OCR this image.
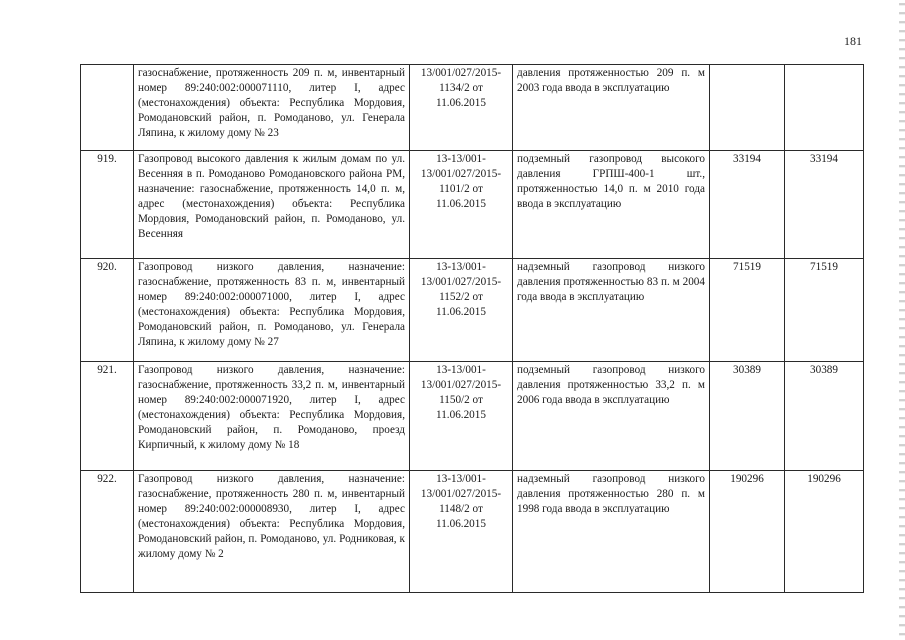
181
	газоснабжение, протяженность 209 п. м, инвентарный номер 89:240:002:000071110, литер I, адрес (местонахождения) объекта: Республика Мордовия, Ромодановский район, п. Ромоданово, ул. Генерала Ляпина, к жилому дому № 23	13/001/027/2015-1134/2 от 11.06.2015	давления протяженностью 209 п. м 2003 года ввода в эксплуатацию		
919.	Газопровод высокого давления к жилым домам по ул. Весенняя в п. Ромоданово Ромодановского района РМ, назначение: газоснабжение, протяженность 14,0 п. м, адрес (местонахождения) объекта: Республика Мордовия, Ромодановский район, п. Ромоданово, ул. Весенняя	13-13/001-13/001/027/2015-1101/2 от 11.06.2015	подземный газопровод высокого давления ГРПШ-400-1 шт., протяженностью 14,0 п. м 2010 года ввода в эксплуатацию	33194	33194
920.	Газопровод низкого давления, назначение: газоснабжение, протяженность 83 п. м, инвентарный номер 89:240:002:000071000, литер I, адрес (местонахождения) объекта: Республика Мордовия, Ромодановский район, п. Ромоданово, ул. Генерала Ляпина, к жилому дому № 27	13-13/001-13/001/027/2015-1152/2 от 11.06.2015	надземный газопровод низкого давления протяженностью 83 п. м 2004 года ввода в эксплуатацию	71519	71519
921.	Газопровод низкого давления, назначение: газоснабжение, протяженность 33,2 п. м, инвентарный номер 89:240:002:000071920, литер I, адрес (местонахождения) объекта: Республика Мордовия, Ромодановский район, п. Ромоданово, проезд Кирпичный, к жилому дому № 18	13-13/001-13/001/027/2015-1150/2 от 11.06.2015	подземный газопровод низкого давления протяженностью 33,2 п. м 2006 года ввода в эксплуатацию	30389	30389
922.	Газопровод низкого давления, назначение: газоснабжение, протяженность 280 п. м, инвентарный номер 89:240:002:000008930, литер I, адрес (местонахождения) объекта: Республика Мордовия, Ромодановский район, п. Ромоданово, ул. Родниковая, к жилому дому № 2	13-13/001-13/001/027/2015-1148/2 от 11.06.2015	надземный газопровод низкого давления протяженностью 280 п. м 1998 года ввода в эксплуатацию	190296	190296
